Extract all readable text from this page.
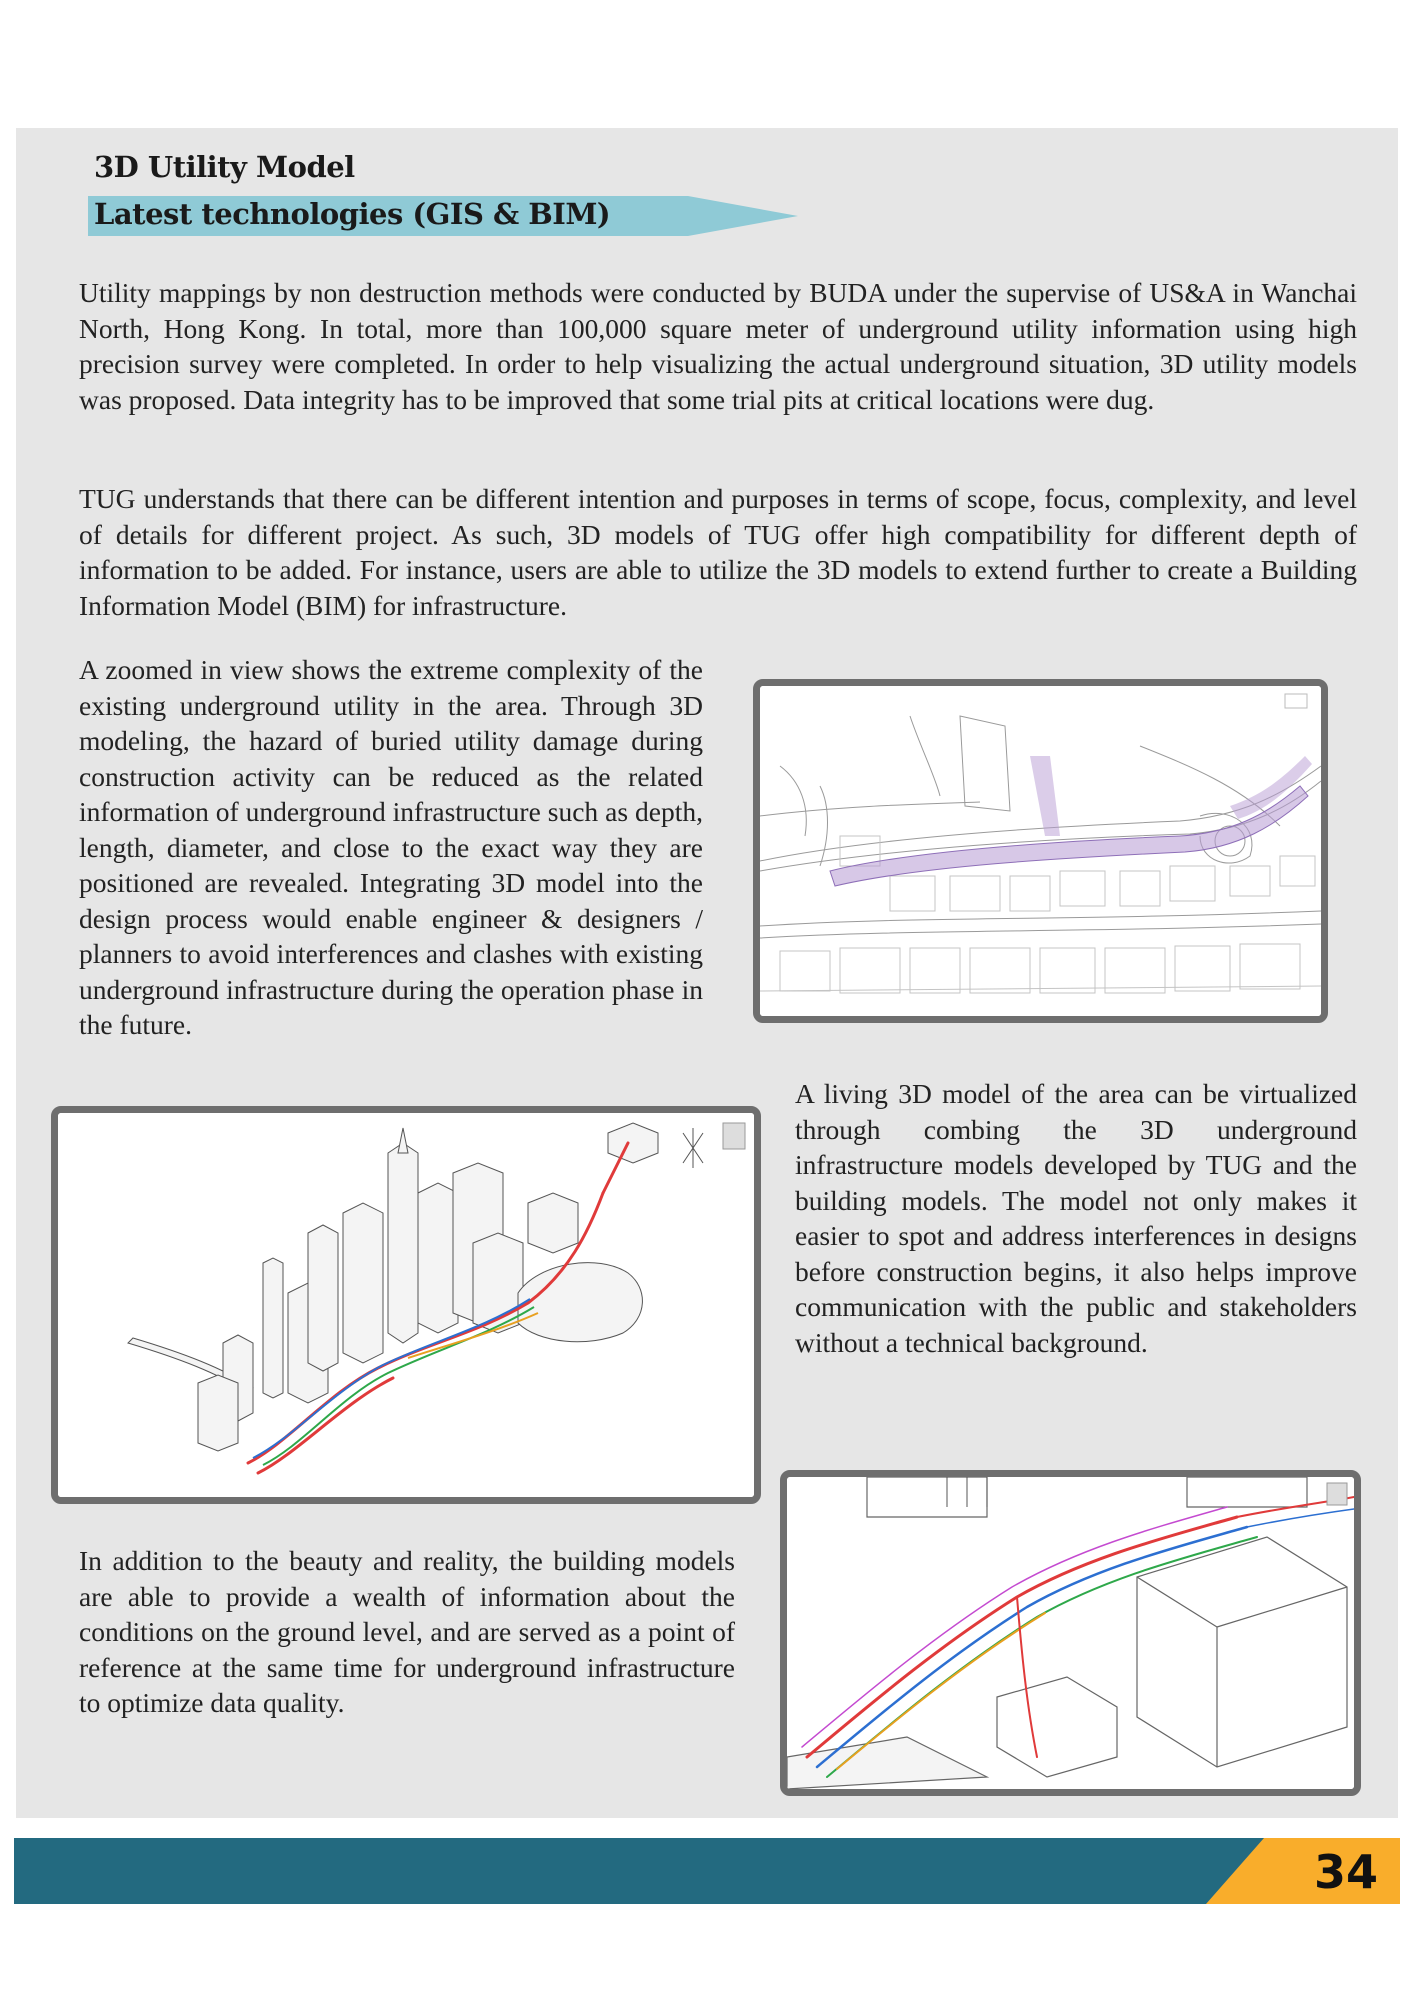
3D Utility Model
Latest technologies (GIS & BIM)

Utility mappings by non destruction methods were conducted by BUDA under the supervise of US&A in Wanchai North, Hong Kong. In total, more than 100,000 square meter of underground utility information using high precision survey were completed. In order to help visualizing the actual underground situation, 3D utility models was proposed. Data integrity has to be improved that some trial pits at critical locations were dug.

TUG understands that there can be different intention and purposes in terms of scope, focus, complexity, and level of details for different project. As such, 3D models of TUG offer high compatibility for different depth of information to be added. For instance, users are able to utilize the 3D models to extend further to create a Building Information Model (BIM) for infrastructure.

A zoomed in view shows the extreme complexity of the existing underground utility in the area. Through 3D modeling, the hazard of buried utility damage during construction activity can be reduced as the related information of underground infrastructure such as depth, length, diameter, and close to the exact way they are positioned are revealed. Integrating 3D model into the design process would enable engineer & designers / planners to avoid interferences and clashes with existing underground infrastructure during the operation phase in the future.

A living 3D model of the area can be virtualized through combing the 3D underground infrastructure models developed by TUG and the building models. The model not only makes it easier to spot and address interferences in designs before construction begins, it also helps improve communication with the public and stakeholders without a technical background.

In addition to the beauty and reality, the building models are able to provide a wealth of information about the conditions on the ground level, and are served as a point of reference at the same time for underground infrastructure to optimize data quality.

34
